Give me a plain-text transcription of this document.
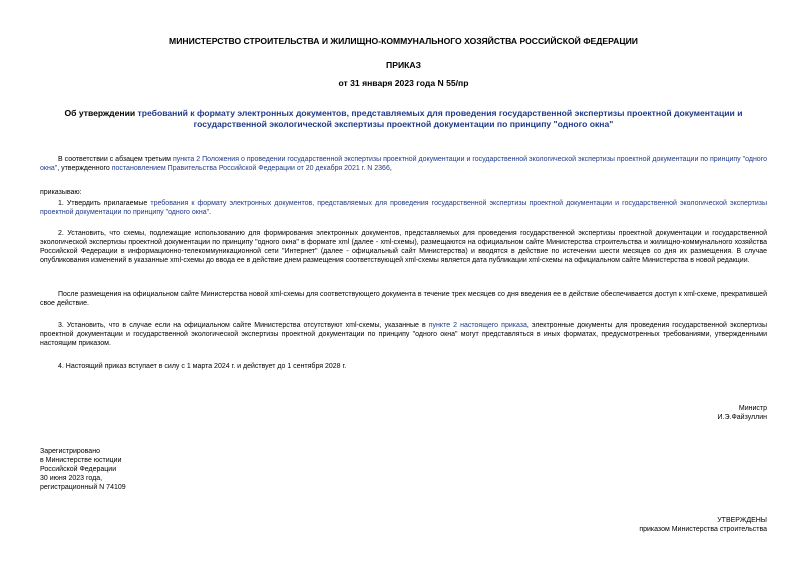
МИНИСТЕРСТВО СТРОИТЕЛЬСТВА И ЖИЛИЩНО-КОММУНАЛЬНОГО ХОЗЯЙСТВА РОССИЙСКОЙ ФЕДЕРАЦИИ
ПРИКАЗ
от 31 января 2023 года N 55/пр
Об утверждении требований к формату электронных документов, представляемых для проведения государственной экспертизы проектной документации и государственной экологической экспертизы проектной документации по принципу "одного окна"
В соответствии с абзацем третьим пункта 2 Положения о проведении государственной экспертизы проектной документации и государственной экологической экспертизы проектной документации по принципу "одного окна", утвержденного постановлением Правительства Российской Федерации от 20 декабря 2021 г. N 2366,
приказываю:
1. Утвердить прилагаемые требования к формату электронных документов, представляемых для проведения государственной экспертизы проектной документации и государственной экологической экспертизы проектной документации по принципу "одного окна".
2. Установить, что схемы, подлежащие использованию для формирования электронных документов, представляемых для проведения государственной экспертизы проектной документации и государственной экологической экспертизы проектной документации по принципу "одного окна" в формате xml (далее - xml-схемы), размещаются на официальном сайте Министерства строительства и жилищно-коммунального хозяйства Российской Федерации в информационно-телекоммуникационной сети "Интернет" (далее - официальный сайт Министерства) и вводятся в действие по истечении шести месяцев со дня их размещения. В случае опубликования изменений в указанные xml-схемы до ввода ее в действие днем размещения соответствующей xml-схемы является дата публикации xml-схемы на официальном сайте Министерства в новой редакции.
После размещения на официальном сайте Министерства новой xml-схемы для соответствующего документа в течение трех месяцев со дня введения ее в действие обеспечивается доступ к xml-схеме, прекратившей свое действие.
3. Установить, что в случае если на официальном сайте Министерства отсутствуют xml-схемы, указанные в пункте 2 настоящего приказа, электронные документы для проведения государственной экспертизы проектной документации и государственной экологической экспертизы проектной документации по принципу "одного окна" могут представляться в иных форматах, предусмотренных требованиями, утвержденными настоящим приказом.
4. Настоящий приказ вступает в силу с 1 марта 2024 г. и действует до 1 сентября 2028 г.
Министр
И.Э.Файзуллин
Зарегистрировано
в Министерстве юстиции
Российской Федерации
30 июня 2023 года,
регистрационный N 74109
УТВЕРЖДЕНЫ
приказом Министерства строительства
